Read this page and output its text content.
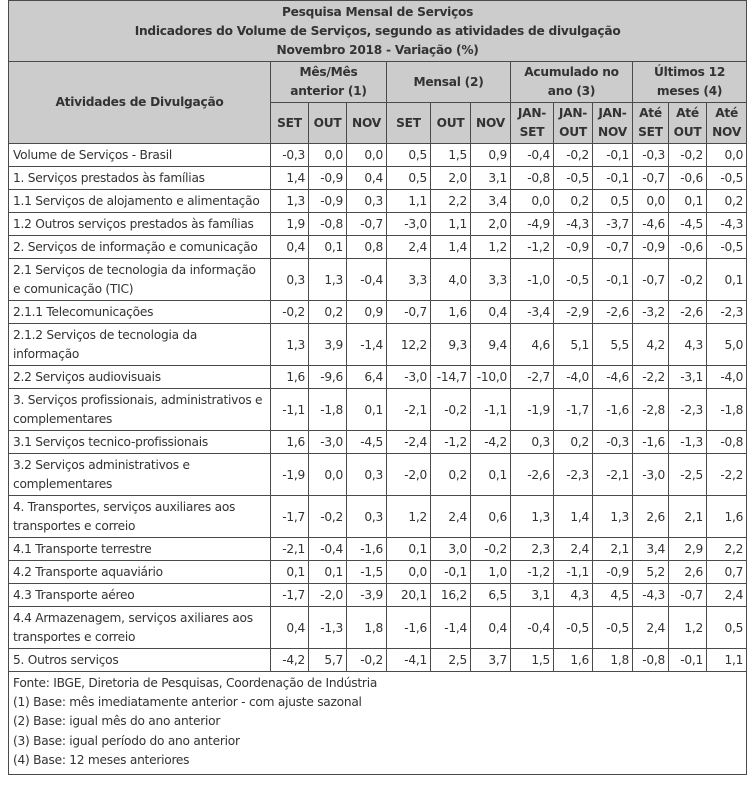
Pesquisa Mensal de Serviços
Indicadores do Volume de Serviços, segundo as atividades de divulgação
Novembro 2018 - Variação (%)												

Atividades de Divulgação	Mês/Mês anterior (1)			Mensal (2)			Acumulado no ano (3)			Últimos 12 meses (4)		
	SET	OUT	NOV	SET	OUT	NOV	JAN-SET	JAN-OUT	JAN-NOV	Até SET	Até OUT	Até NOV
Volume de Serviços - Brasil	-0,3	0,0	0,0	0,5	1,5	0,9	-0,4	-0,2	-0,1	-0,3	-0,2	0,0
1. Serviços prestados às famílias	1,4	-0,9	0,4	0,5	2,0	3,1	-0,8	-0,5	-0,1	-0,7	-0,6	-0,5
1.1 Serviços de alojamento e alimentação	1,3	-0,9	0,3	1,1	2,2	3,4	0,0	0,2	0,5	0,0	0,1	0,2
1.2 Outros serviços prestados às famílias	1,9	-0,8	-0,7	-3,0	1,1	2,0	-4,9	-4,3	-3,7	-4,6	-4,5	-4,3
2. Serviços de informação e comunicação	0,4	0,1	0,8	2,4	1,4	1,2	-1,2	-0,9	-0,7	-0,9	-0,6	-0,5
2.1 Serviços de tecnologia da informação e comunicação (TIC)	0,3	1,3	-0,4	3,3	4,0	3,3	-1,0	-0,5	-0,1	-0,7	-0,2	0,1
2.1.1 Telecomunicações	-0,2	0,2	0,9	-0,7	1,6	0,4	-3,4	-2,9	-2,6	-3,2	-2,6	-2,3
2.1.2 Serviços de tecnologia da informação	1,3	3,9	-1,4	12,2	9,3	9,4	4,6	5,1	5,5	4,2	4,3	5,0
2.2 Serviços audiovisuais	1,6	-9,6	6,4	-3,0	-14,7	-10,0	-2,7	-4,0	-4,6	-2,2	-3,1	-4,0
3. Serviços profissionais, administrativos e complementares	-1,1	-1,8	0,1	-2,1	-0,2	-1,1	-1,9	-1,7	-1,6	-2,8	-2,3	-1,8
3.1 Serviços tecnico-profissionais	1,6	-3,0	-4,5	-2,4	-1,2	-4,2	0,3	0,2	-0,3	-1,6	-1,3	-0,8
3.2 Serviços administrativos e complementares	-1,9	0,0	0,3	-2,0	0,2	0,1	-2,6	-2,3	-2,1	-3,0	-2,5	-2,2
4. Transportes, serviços auxiliares aos transportes e correio	-1,7	-0,2	0,3	1,2	2,4	0,6	1,3	1,4	1,3	2,6	2,1	1,6
4.1 Transporte terrestre	-2,1	-0,4	-1,6	0,1	3,0	-0,2	2,3	2,4	2,1	3,4	2,9	2,2
4.2 Transporte aquaviário	0,1	0,1	-1,5	0,0	-0,1	1,0	-1,2	-1,1	-0,9	5,2	2,6	0,7
4.3 Transporte aéreo	-1,7	-2,0	-3,9	20,1	16,2	6,5	3,1	4,3	4,5	-4,3	-0,7	2,4
4.4 Armazenagem, serviços axiliares aos transportes e correio	0,4	-1,3	1,8	-1,6	-1,4	0,4	-0,4	-0,5	-0,5	2,4	1,2	0,5
5. Outros serviços	-4,2	5,7	-0,2	-4,1	2,5	3,7	1,5	1,6	1,8	-0,8	-0,1	1,1

Fonte: IBGE, Diretoria de Pesquisas, Coordenação de Indústria
(1) Base: mês imediatamente anterior - com ajuste sazonal
(2) Base: igual mês do ano anterior
(3) Base: igual período do ano anterior
(4) Base: 12 meses anteriores												
